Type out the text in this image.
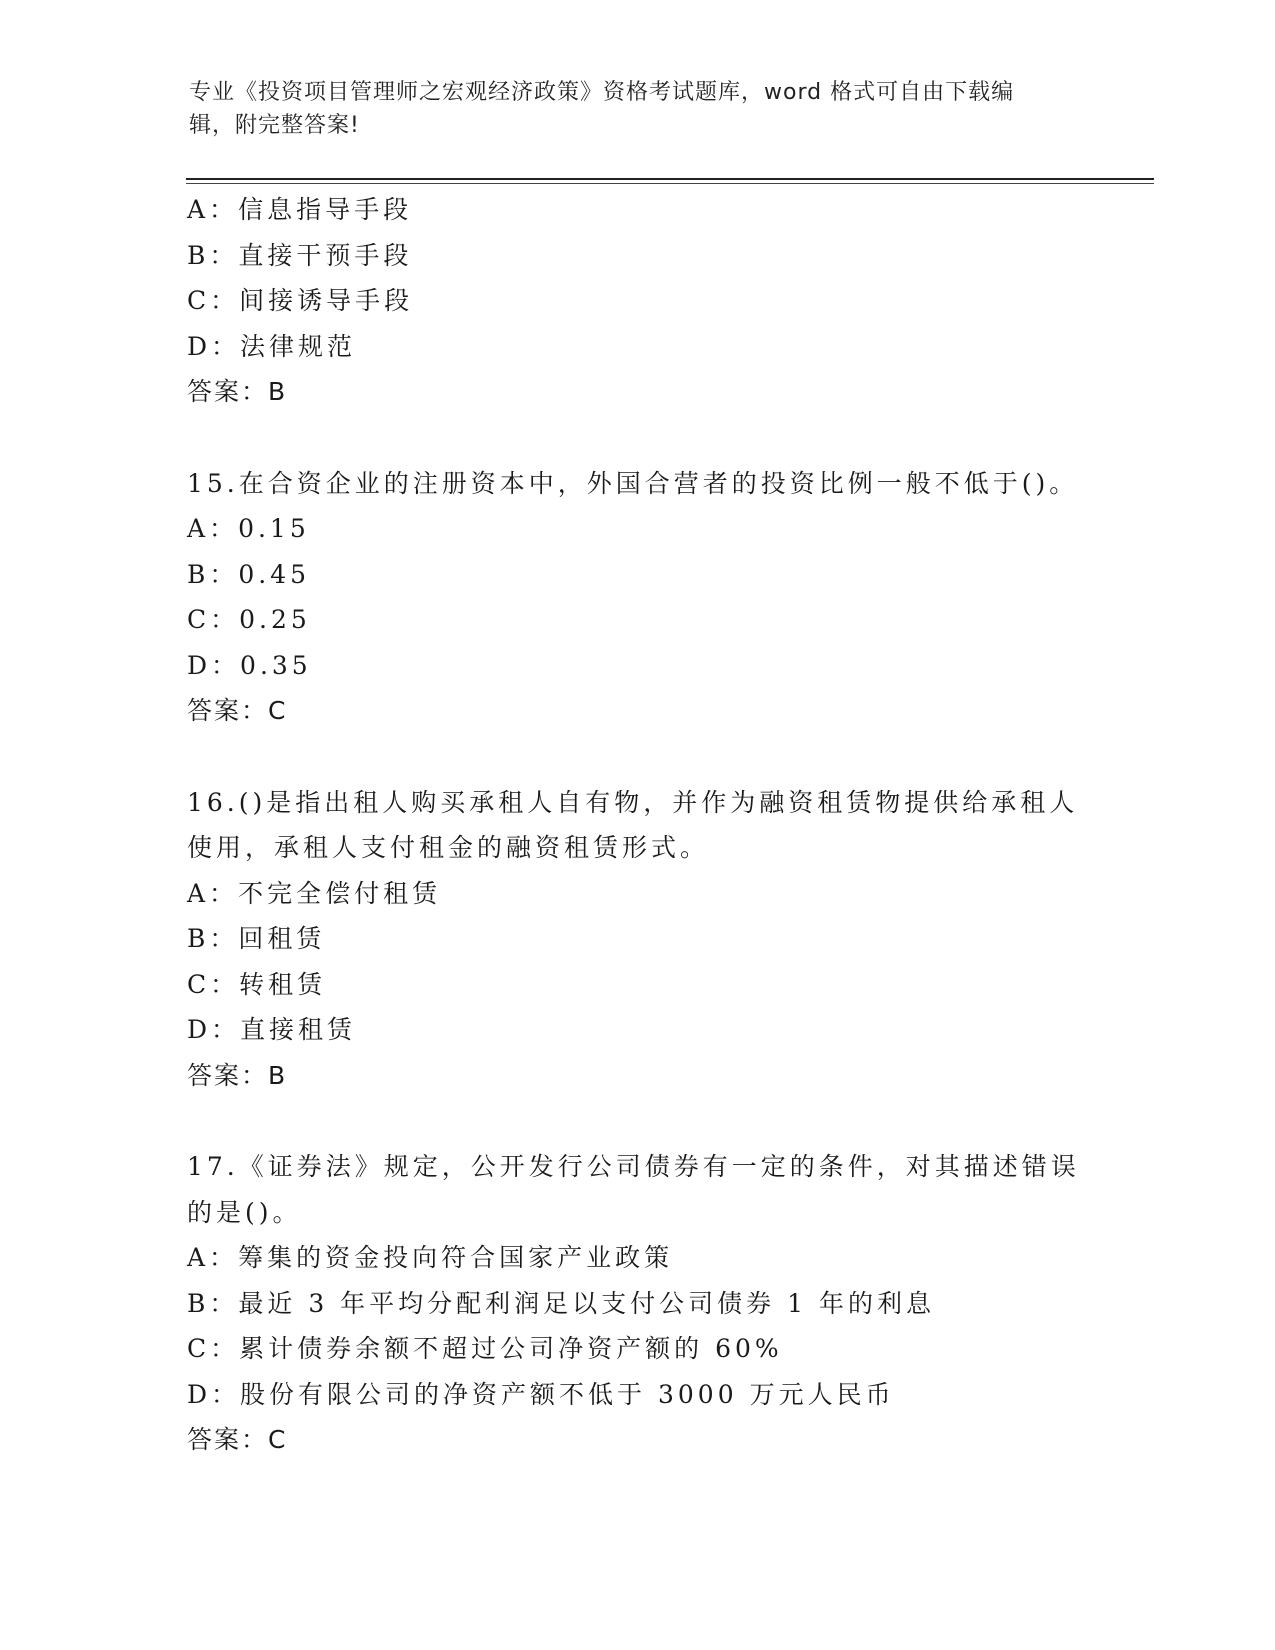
专业《投资项目管理师之宏观经济政策》资格考试题库，word 格式可自由下载编
辑，附完整答案!
A：信息指导手段
B：直接干预手段
C：间接诱导手段
D：法律规范
答案：B
15.在合资企业的注册资本中，外国合营者的投资比例一般不低于()。
A：0.15
B：0.45
C：0.25
D：0.35
答案：C
16.()是指出租人购买承租人自有物，并作为融资租赁物提供给承租人
使用，承租人支付租金的融资租赁形式。
A：不完全偿付租赁
B：回租赁
C：转租赁
D：直接租赁
答案：B
17.《证券法》规定，公开发行公司债券有一定的条件，对其描述错误
的是()。
A：筹集的资金投向符合国家产业政策
B：最近 3 年平均分配利润足以支付公司债券 1 年的利息
C：累计债券余额不超过公司净资产额的 60%
D：股份有限公司的净资产额不低于 3000 万元人民币
答案：C
